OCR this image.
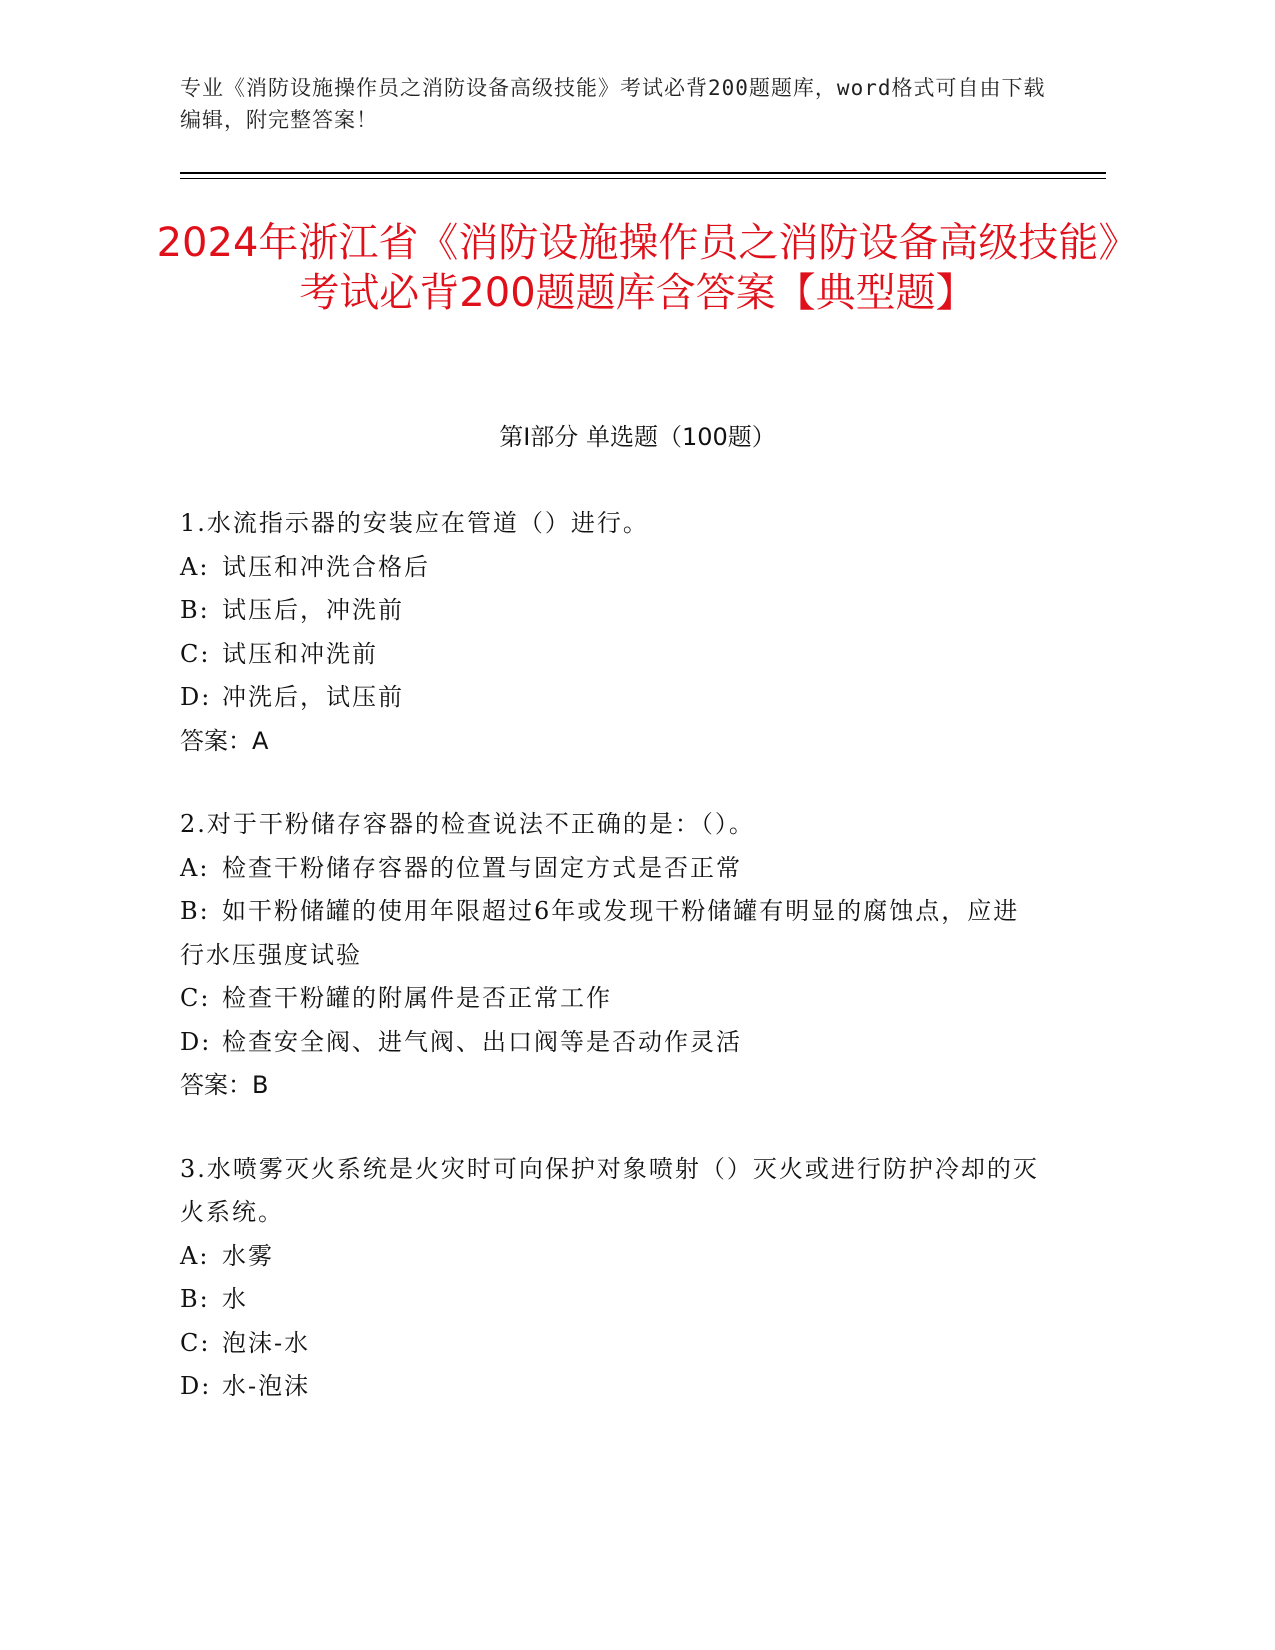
专业《消防设施操作员之消防设备高级技能》考试必背200题题库，word格式可自由下载编辑，附完整答案！
2024年浙江省《消防设施操作员之消防设备高级技能》考试必背200题题库含答案【典型题】
第I部分 单选题（100题）
1.水流指示器的安装应在管道（）进行。
A: 试压和冲洗合格后
B: 试压后，冲洗前
C: 试压和冲洗前
D: 冲洗后，试压前
答案：A
2.对于干粉储存容器的检查说法不正确的是：（）。
A: 检查干粉储存容器的位置与固定方式是否正常
B: 如干粉储罐的使用年限超过6年或发现干粉储罐有明显的腐蚀点，应进行水压强度试验
C: 检查干粉罐的附属件是否正常工作
D: 检查安全阀、进气阀、出口阀等是否动作灵活
答案：B
3.水喷雾灭火系统是火灾时可向保护对象喷射（）灭火或进行防护冷却的灭火系统。
A: 水雾
B: 水
C: 泡沫-水
D: 水-泡沫
